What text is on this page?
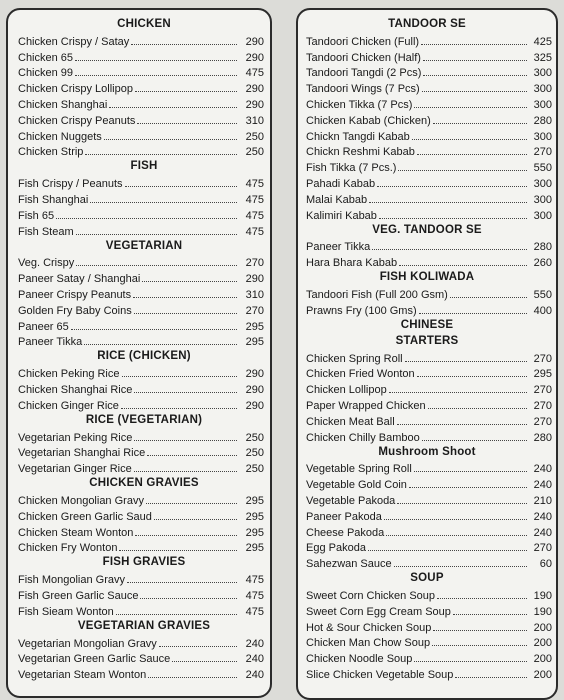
CHICKEN
Chicken Crispy / Satay	290
Chicken 65	290
Chicken 99	475
Chicken Crispy Lollipop	290
Chicken Shanghai	290
Chicken Crispy Peanuts	310
Chicken Nuggets	250
Chicken Strip	250
FISH
Fish Crispy / Peanuts	475
Fish Shanghai	475
Fish 65	475
Fish Steam	475
VEGETARIAN
Veg. Crispy	270
Paneer Satay / Shanghai	290
Paneer Crispy Peanuts	310
Golden Fry Baby Coins	270
Paneer 65	295
Paneer Tikka	295
RICE (CHICKEN)
Chicken Peking Rice	290
Chicken Shanghai Rice	290
Chicken Ginger Rice	290
RICE (VEGETARIAN)
Vegetarian Peking Rice	250
Vegetarian Shanghai Rice	250
Vegetarian Ginger Rice	250
CHICKEN GRAVIES
Chicken Mongolian Gravy	295
Chicken Green Garlic Saud	295
Chicken Steam Wonton	295
Chicken Fry Wonton	295
FISH GRAVIES
Fish Mongolian Gravy	475
Fish Green Garlic Sauce	475
Fish Sieam Wonton	475
VEGETARIAN GRAVIES
Vegetarian Mongolian Gravy	240
Vegetarian Green Garlic Sauce	240
Vegetarian Steam Wonton	240
TANDOOR SE
Tandoori Chicken (Full)	425
Tandoori Chicken (Half)	325
Tandoori Tangdi (2 Pcs)	300
Tandoori Wings (7 Pcs)	300
Chicken Tikka (7 Pcs)	300
Chicken Kabab (Chicken)	280
Chickn Tangdi Kabab	300
Chickn Reshmi Kabab	270
Fish Tikka (7 Pcs.)	550
Pahadi Kabab	300
Malai Kabab	300
Kalimiri Kabab	300
VEG. TANDOOR SE
Paneer Tikka	280
Hara Bhara Kabab	260
FISH KOLIWADA
Tandoori Fish (Full 200 Gsm)	550
Prawns Fry (100 Gms)	400
CHINESE
STARTERS
Chicken Spring Roll	270
Chicken Fried Wonton	295
Chicken Lollipop	270
Paper Wrapped Chicken	270
Chicken Meat Ball	270
Chicken Chilly Bamboo	280
Mushroom Shoot
Vegetable Spring Roll	240
Vegetable Gold Coin	240
Vegetable Pakoda	210
Paneer Pakoda	240
Cheese Pakoda	240
Egg Pakoda	270
Sahezwan Sauce	60
SOUP
Sweet Corn Chicken Soup	190
Sweet Corn Egg Cream Soup	190
Hot & Sour Chicken Soup	200
Chicken Man Chow Soup	200
Chicken Noodle Soup	200
Slice Chicken Vegetable Soup	200
